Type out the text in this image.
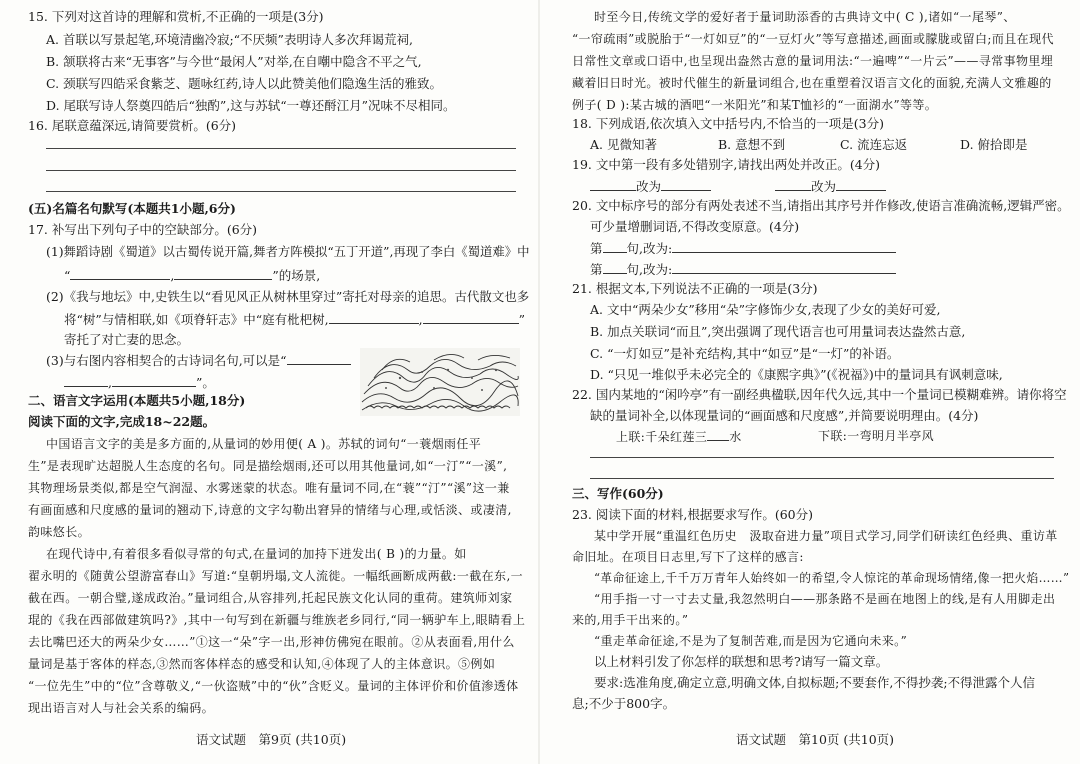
15. 下列对这首诗的理解和赏析,不正确的一项是(3分)
A. 首联以写景起笔,环境清幽冷寂;“不厌频”表明诗人多次拜谒荒祠,
B. 颔联将古来“无事客”与今世“最闲人”对举,在自嘲中隐含不平之气,
C. 颈联写四皓采食紫芝、题咏红药,诗人以此赞美他们隐逸生活的雅致。
D. 尾联写诗人祭奠四皓后“独酌”,这与苏轼“一尊还酹江月”况味不尽相同。
16. 尾联意蕴深远,请简要赏析。(6分)
(五)名篇名句默写(本题共1小题,6分)
17. 补写出下列句子中的空缺部分。(6分)
(1)舞蹈诗剧《蜀道》以古蜀传说开篇,舞者方阵模拟“五丁开道”,再现了李白《蜀道难》中
“	,	”的场景,
(2)《我与地坛》中,史铁生以“看见风正从树林里穿过”寄托对母亲的追思。古代散文也多
将“树”与情相联,如《项脊轩志》中“庭有枇杷树,	,	”
寄托了对亡妻的思念。
(3)与右图内容相契合的古诗词名句,可以是“
,	”。
二、语言文字运用(本题共5小题,18分)
阅读下面的文字,完成18~22题。
中国语言文字的美是多方面的,从量词的妙用便( A )。苏轼的词句“一蓑烟雨任平
生”是表现旷达超脱人生态度的名句。同是描绘烟雨,还可以用其他量词,如“一汀”“一溪”,
其物理场景类似,都是空气润湿、水雾迷蒙的状态。唯有量词不同,在“蓑”“汀”“溪”这一兼
有画面感和尺度感的量词的翘动下,诗意的文字勾勒出窘异的情绪与心理,或恬淡、或凄清,
韵味悠长。
在现代诗中,有着很多看似寻常的句式,在量词的加持下迸发出( B )的力量。如
翟永明的《随黄公望游富春山》写道:“皇朝坍塌,文人流徙。一幅纸画断成两截:一截在东,一
截在西。一朝合璧,遂成政治。”量词组合,从容排列,托起民族文化认同的重荷。建筑师刘家
琨的《我在西部做建筑吗?》,其中一句写到在新疆与维族老乡同行,“同一辆驴车上,眼睛看上
去比嘴巴还大的两朵少女……”①这一“朵”字一出,形神仿佛宛在眼前。②从表面看,用什么
量词是基于客体的样态,③然而客体样态的感受和认知,④体现了人的主体意识。⑤例如
“一位先生”中的“位”含尊敬义,“一伙盗贼”中的“伙”含贬义。量词的主体评价和价值渗透体
现出语言对人与社会关系的编码。
语文试题　第9页 (共10页)
时至今日,传统文学的爱好者于量词助添香的古典诗文中( C ),诸如“一尾琴”、
“一帘疏雨”或脱胎于“一灯如豆”的“一豆灯火”等写意描述,画面或朦胧或留白;而且在现代
日常性文章或口语中,也呈现出盎然古意的量词用法:“一遍啤”“一片云”——寻常事物里埋
藏着旧日时光。被时代催生的新量词组合,也在重塑着汉语言文化的面貌,充满人文雅趣的
例子( D ):某古城的酒吧“一米阳光”和某T恤衫的“一面湖水”等等。
18. 下列成语,依次填入文中括号内,不恰当的一项是(3分)
A. 见微知著	B. 意想不到	C. 流连忘返	D. 俯拾即是
19. 文中第一段有多处错别字,请找出两处并改正。(4分)
改为	改为
20. 文中标序号的部分有两处表述不当,请指出其序号并作修改,使语言准确流畅,逻辑严密。
可少量增删词语,不得改变原意。(4分)
第 句,改为:
第 句,改为:
21. 根据文本,下列说法不正确的一项是(3分)
A. 文中“两朵少女”移用“朵”字修饰少女,表现了少女的美好可爱,
B. 加点关联词“而且”,突出强调了现代语言也可用量词表达盎然古意,
C. “一灯如豆”是补充结构,其中“如豆”是“一灯”的补语。
D. “只见一堆似乎未必完全的《康熙字典》”(《祝福》)中的量词具有讽刺意味,
22. 国内某地的“闲吟亭”有一副经典楹联,因年代久远,其中一个量词已模糊难辨。请你将空
缺的量词补全,以体现量词的“画面感和尺度感”,并简要说明理由。(4分)
上联:千朵红莲三 水	下联:一弯明月半亭风
三、写作(60分)
23. 阅读下面的材料,根据要求写作。(60分)
某中学开展“重温红色历史　汲取奋进力量”项目式学习,同学们研读红色经典、重访革
命旧址。在项目日志里,写下了这样的感言:
“革命征途上,千千万万青年人始终如一的希望,令人惊诧的革命现场情绪,像一把火焰……”
“用手指一寸一寸去丈量,我忽然明白——那条路不是画在地图上的线,是有人用脚走出
来的,用手干出来的。”
“重走革命征途,不是为了复制苦难,而是因为它通向未来。”
以上材料引发了你怎样的联想和思考?请写一篇文章。
要求:选准角度,确定立意,明确文体,自拟标题;不要套作,不得抄袭;不得泄露个人信
息;不少于800字。
语文试题　第10页 (共10页)
